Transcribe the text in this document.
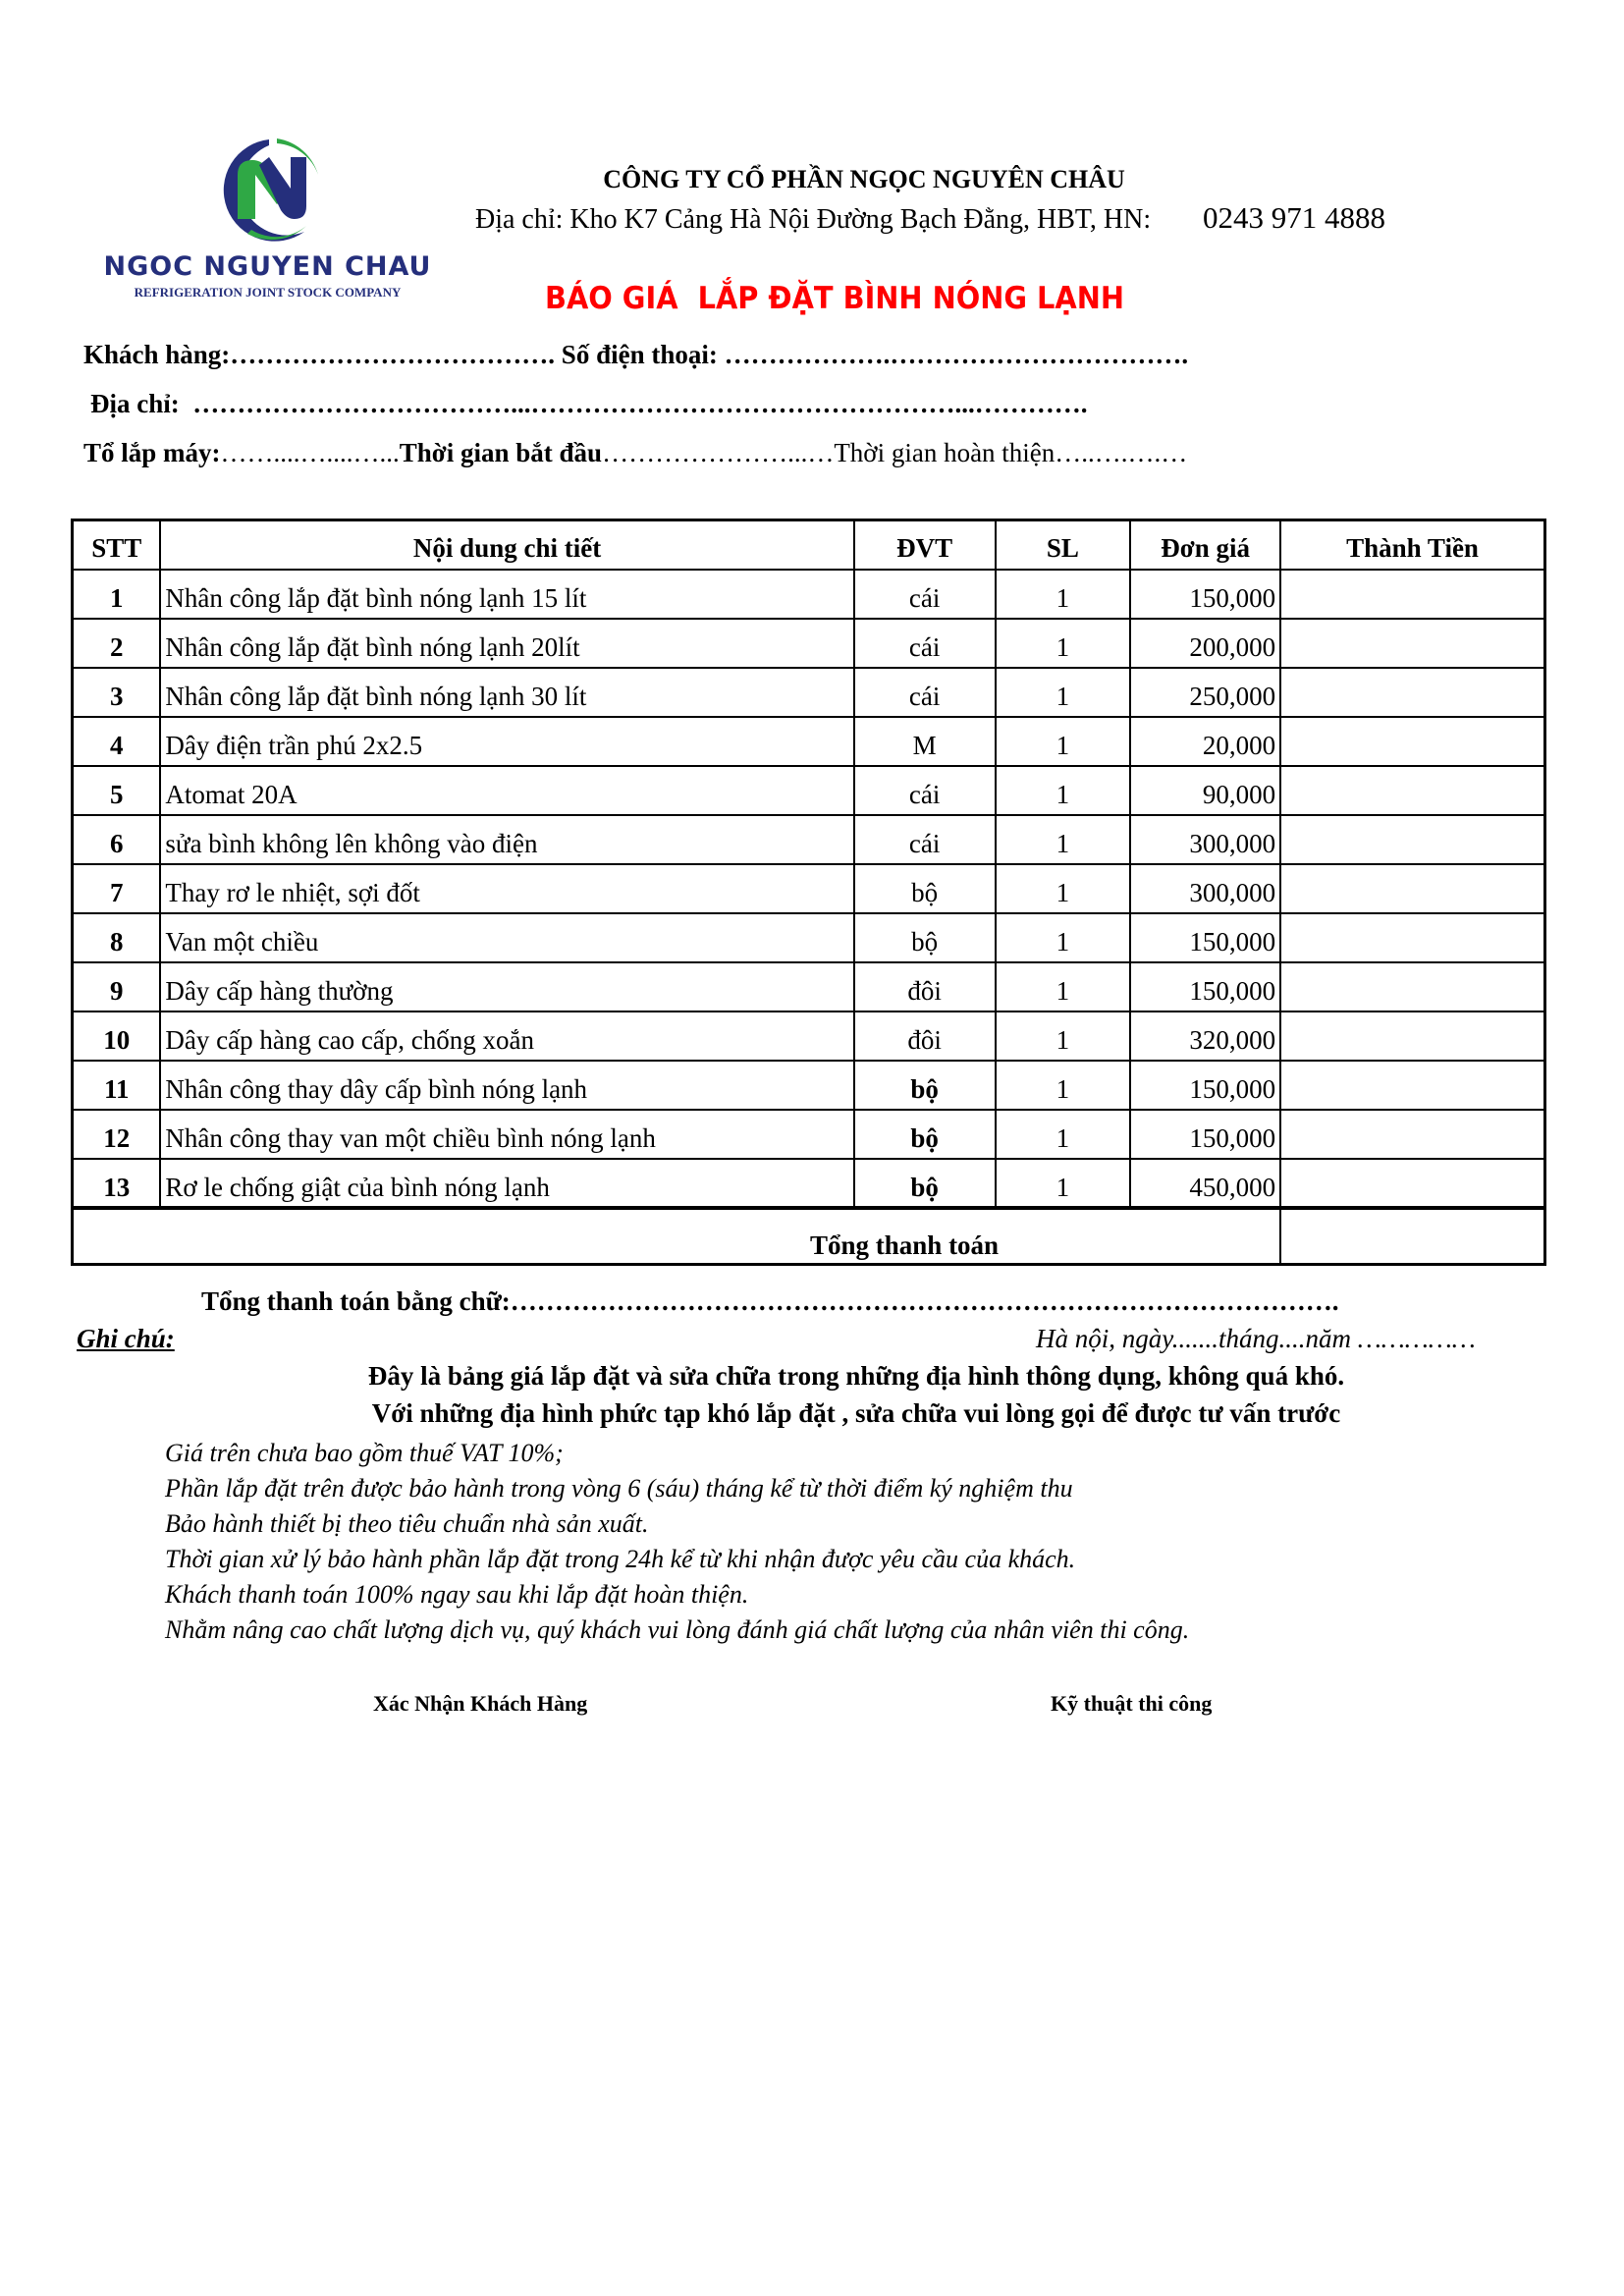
NGOC NGUYEN CHAU
REFRIGERATION JOINT STOCK COMPANY
CÔNG TY CỔ PHẦN NGỌC NGUYÊN CHÂU
Địa chỉ: Kho K7 Cảng Hà Nội Đường Bạch Đằng, HBT, HN: 0243 971 4888
BÁO GIÁ  LẮP ĐẶT BÌNH NÓNG LẠNH
Khách hàng:………………………………. Số điện thoại: ……………….…………………………….
Địa chỉ: ………………………………...…………………………………………...………….
Tổ lắp máy:……....…....…...Thời gian bắt đầu…………………...…Thời gian hoàn thiện…..….….…
STT	Nội dung chi tiết	ĐVT	SL	Đơn giá	Thành Tiền
1	Nhân công lắp đặt bình nóng lạnh 15 lít	cái	1	150,000	
2	Nhân công lắp đặt bình nóng lạnh 20lít	cái	1	200,000	
3	Nhân công lắp đặt bình nóng lạnh 30 lít	cái	1	250,000	
4	Dây điện trần phú 2x2.5	M	1	20,000	
5	Atomat 20A	cái	1	90,000	
6	sửa bình không lên không vào điện	cái	1	300,000	
7	Thay rơ le nhiệt, sợi đốt	bộ	1	300,000	
8	Van một chiều	bộ	1	150,000	
9	Dây cấp hàng thường	đôi	1	150,000	
10	Dây cấp hàng cao cấp, chống xoắn	đôi	1	320,000	
11	Nhân công thay dây cấp bình nóng lạnh	bộ	1	150,000	
12	Nhân công thay van một chiều bình nóng lạnh	bộ	1	150,000	
13	Rơ le chống giật của bình nóng lạnh	bộ	1	450,000	
Tổng thanh toán					
Tổng thanh toán bằng chữ:………………………………………………………………………………….
Ghi chú:	Hà nội, ngày.......tháng....năm ……………
Đây là bảng giá lắp đặt và sửa chữa trong những địa hình thông dụng, không quá khó.
Với những địa hình phức tạp khó lắp đặt , sửa chữa vui lòng gọi để được tư vấn trước
Giá trên chưa bao gồm thuế VAT 10%;
Phần lắp đặt trên được bảo hành trong vòng 6 (sáu) tháng kể từ thời điểm ký nghiệm thu
Bảo hành thiết bị theo tiêu chuẩn nhà sản xuất.
Thời gian xử lý bảo hành phần lắp đặt trong 24h kể từ khi nhận được yêu cầu của khách.
Khách thanh toán 100% ngay sau khi lắp đặt hoàn thiện.
Nhằm nâng cao chất lượng dịch vụ, quý khách vui lòng đánh giá chất lượng của nhân viên thi công.
Xác Nhận Khách Hàng	Kỹ thuật thi công
